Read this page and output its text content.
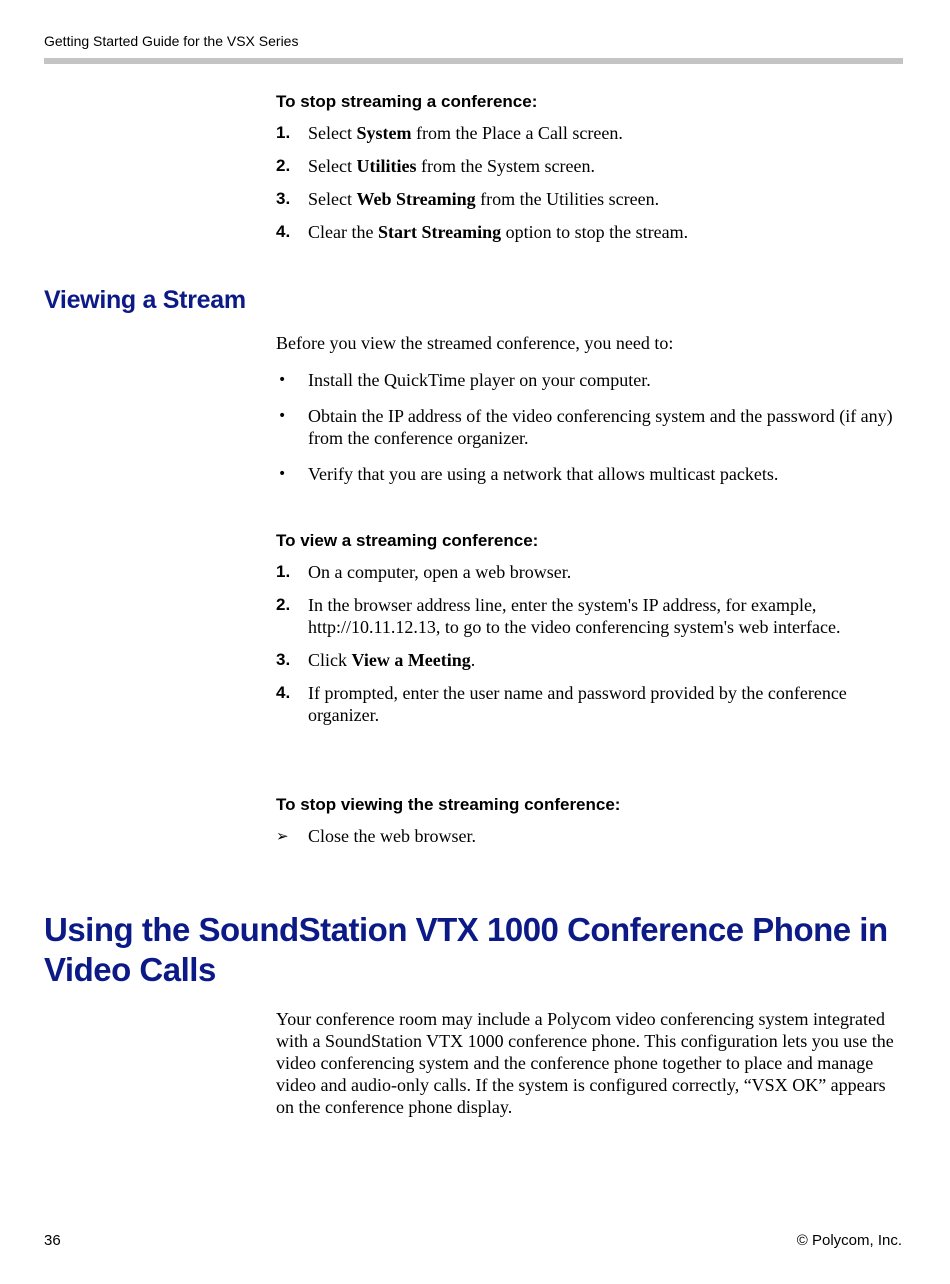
Getting Started Guide for the VSX Series
To stop streaming a conference:
1. Select System from the Place a Call screen.
2. Select Utilities from the System screen.
3. Select Web Streaming from the Utilities screen.
4. Clear the Start Streaming option to stop the stream.
Viewing a Stream

Before you view the streamed conference, you need to:

• Install the QuickTime player on your computer.
• Obtain the IP address of the video conferencing system and the password (if any) from the conference organizer.
• Verify that you are using a network that allows multicast packets.
To view a streaming conference:
1. On a computer, open a web browser.
2. In the browser address line, enter the system's IP address, for example, http://10.11.12.13, to go to the video conferencing system's web interface.
3. Click View a Meeting.
4. If prompted, enter the user name and password provided by the conference organizer.
To stop viewing the streaming conference:
➢ Close the web browser.
Using the SoundStation VTX 1000 Conference Phone in Video Calls

Your conference room may include a Polycom video conferencing system integrated with a SoundStation VTX 1000 conference phone. This configuration lets you use the video conferencing system and the conference phone together to place and manage video and audio-only calls. If the system is configured correctly, “VSX OK” appears on the conference phone display.

36	© Polycom, Inc.
